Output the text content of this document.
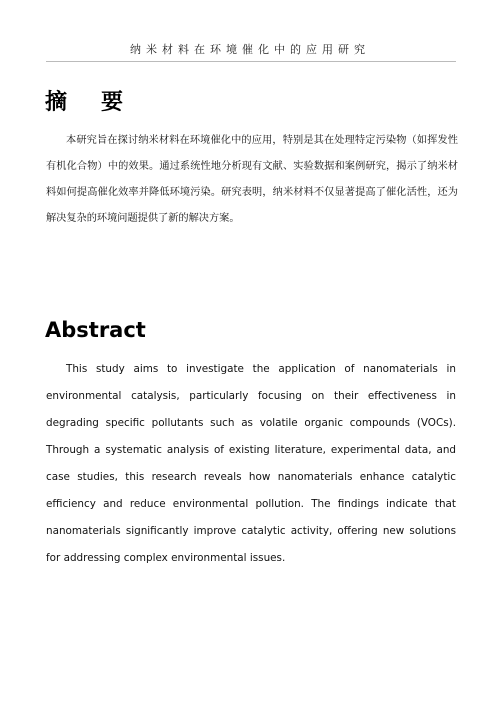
纳米材料在环境催化中的应用研究
摘要

本研究旨在探讨纳米材料在环境催化中的应用，特别是其在处理特定污染物（如挥发性有机化合物）中的效果。通过系统性地分析现有文献、实验数据和案例研究，揭示了纳米材料如何提高催化效率并降低环境污染。研究表明，纳米材料不仅显著提高了催化活性，还为解决复杂的环境问题提供了新的解决方案。

Abstract

This study aims to investigate the application of nanomaterials in environmental catalysis, particularly focusing on their effectiveness in degrading specific pollutants such as volatile organic compounds (VOCs). Through a systematic analysis of existing literature, experimental data, and case studies, this research reveals how nanomaterials enhance catalytic efficiency and reduce environmental pollution. The findings indicate that nanomaterials significantly improve catalytic activity, offering new solutions for addressing complex environmental issues.
